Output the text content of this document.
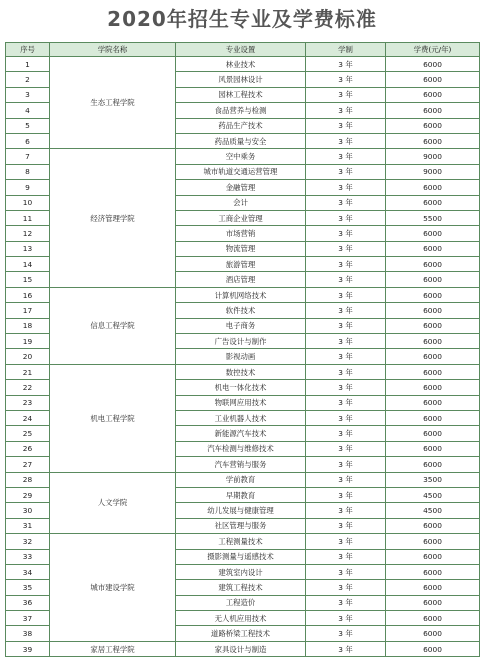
2020年招生专业及学费标准
序号	学院名称	专业设置	学制	学费(元/年)
1	生态工程学院	林业技术	3 年	6000
2		风景园林设计	3 年	6000
3		园林工程技术	3 年	6000
4		食品营养与检测	3 年	6000
5		药品生产技术	3 年	6000
6		药品质量与安全	3 年	6000
7	经济管理学院	空中乘务	3 年	9000
8		城市轨道交通运营管理	3 年	9000
9		金融管理	3 年	6000
10		会计	3 年	6000
11		工商企业管理	3 年	5500
12		市场营销	3 年	6000
13		物流管理	3 年	6000
14		旅游管理	3 年	6000
15		酒店管理	3 年	6000
16	信息工程学院	计算机网络技术	3 年	6000
17		软件技术	3 年	6000
18		电子商务	3 年	6000
19		广告设计与制作	3 年	6000
20		影视动画	3 年	6000
21	机电工程学院	数控技术	3 年	6000
22		机电一体化技术	3 年	6000
23		物联网应用技术	3 年	6000
24		工业机器人技术	3 年	6000
25		新能源汽车技术	3 年	6000
26		汽车检测与维修技术	3 年	6000
27		汽车营销与服务	3 年	6000
28	人文学院	学前教育	3 年	3500
29		早期教育	3 年	4500
30		幼儿发展与健康管理	3 年	4500
31		社区管理与服务	3 年	6000
32	城市建设学院	工程测量技术	3 年	6000
33		摄影测量与遥感技术	3 年	6000
34		建筑室内设计	3 年	6000
35		建筑工程技术	3 年	6000
36		工程造价	3 年	6000
37		无人机应用技术	3 年	6000
38		道路桥梁工程技术	3 年	6000
39	家居工程学院	家具设计与制造	3 年	6000
